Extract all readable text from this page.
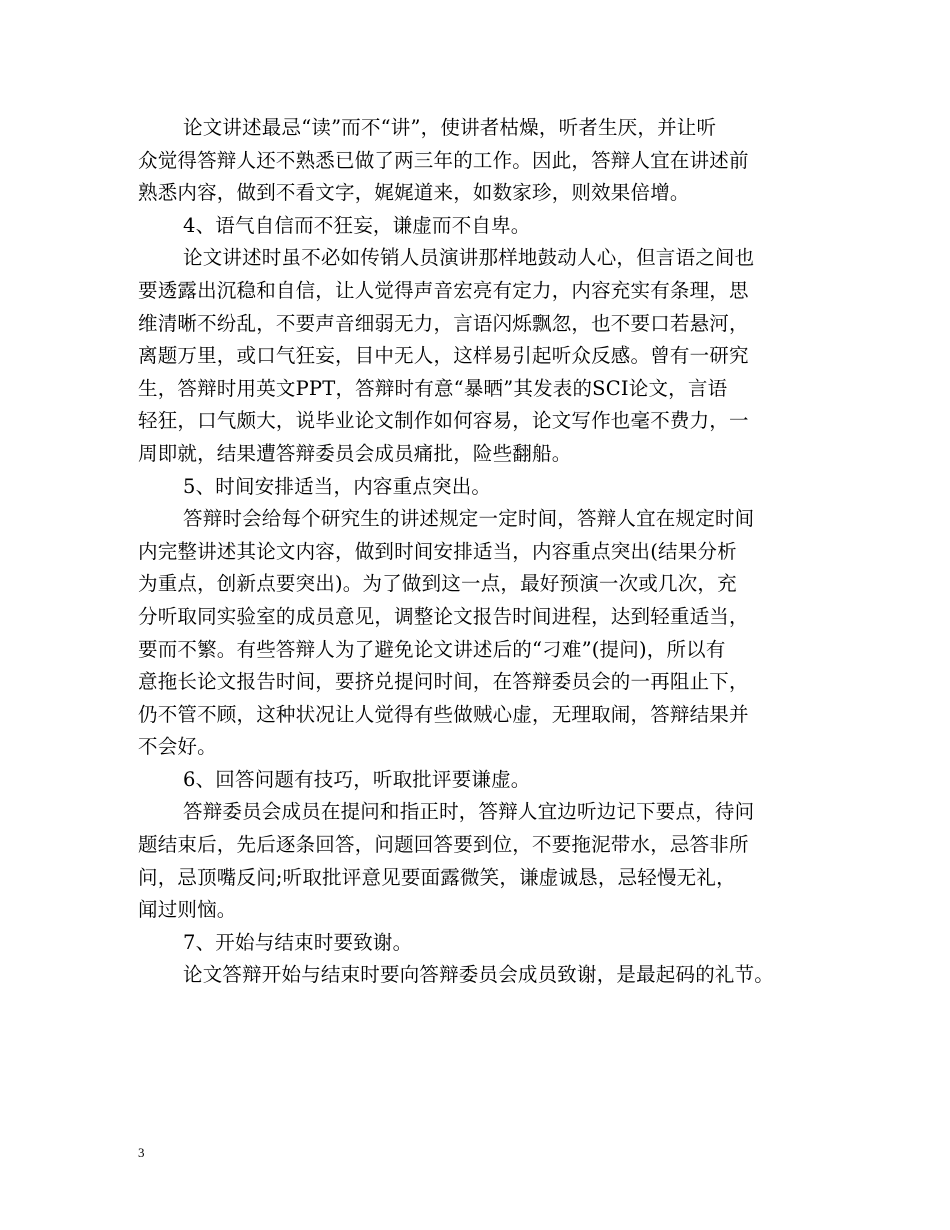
论文讲述最忌“读”而不“讲”，使讲者枯燥，听者生厌，并让听
众觉得答辩人还不熟悉已做了两三年的工作。因此，答辩人宜在讲述前
熟悉内容，做到不看文字，娓娓道来，如数家珍，则效果倍增。
4、语气自信而不狂妄，谦虚而不自卑。
论文讲述时虽不必如传销人员演讲那样地鼓动人心，但言语之间也
要透露出沉稳和自信，让人觉得声音宏亮有定力，内容充实有条理，思
维清晰不纷乱，不要声音细弱无力，言语闪烁飘忽，也不要口若悬河，
离题万里，或口气狂妄，目中无人，这样易引起听众反感。曾有一研究
生，答辩时用英文PPT，答辩时有意“暴晒”其发表的SCI论文，言语
轻狂，口气颇大，说毕业论文制作如何容易，论文写作也毫不费力，一
周即就，结果遭答辩委员会成员痛批，险些翻船。
5、时间安排适当，内容重点突出。
答辩时会给每个研究生的讲述规定一定时间，答辩人宜在规定时间
内完整讲述其论文内容，做到时间安排适当，内容重点突出(结果分析
为重点，创新点要突出)。为了做到这一点，最好预演一次或几次，充
分听取同实验室的成员意见，调整论文报告时间进程，达到轻重适当，
要而不繁。有些答辩人为了避免论文讲述后的“刁难”(提问)，所以有
意拖长论文报告时间，要挤兑提问时间，在答辩委员会的一再阻止下，
仍不管不顾，这种状况让人觉得有些做贼心虚，无理取闹，答辩结果并
不会好。
6、回答问题有技巧，听取批评要谦虚。
答辩委员会成员在提问和指正时，答辩人宜边听边记下要点，待问
题结束后，先后逐条回答，问题回答要到位，不要拖泥带水，忌答非所
问，忌顶嘴反问;听取批评意见要面露微笑，谦虚诚恳，忌轻慢无礼，
闻过则恼。
7、开始与结束时要致谢。
论文答辩开始与结束时要向答辩委员会成员致谢，是最起码的礼节。
3
